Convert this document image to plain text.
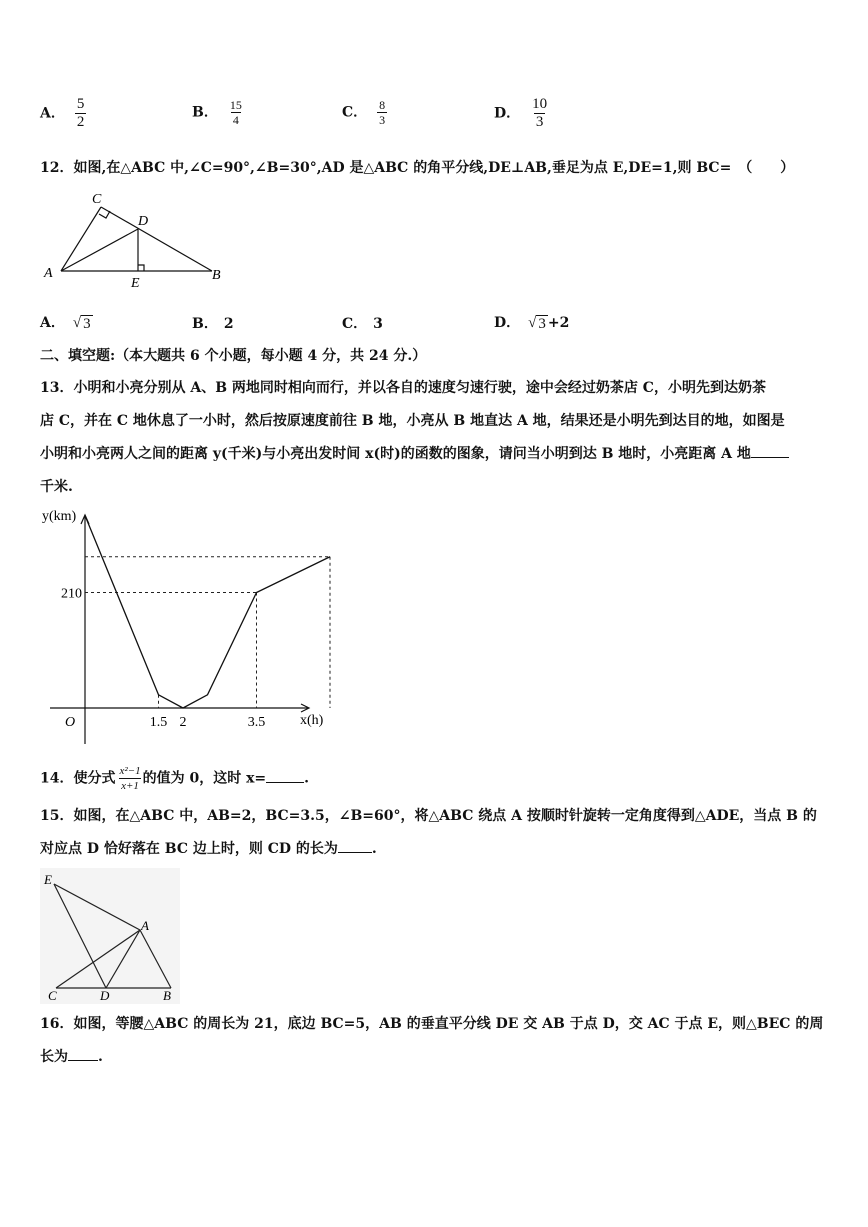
A． $\frac{5}{2}$	B． $\frac{15}{4}$	C． $\frac{8}{3}$	D． $\frac{10}{3}$
12．如图,在△ABC 中,∠C=90°,∠B=30°,AD 是△ABC 的角平分线,DE⊥AB,垂足为点 E,DE=1,则 BC=　（　　）
C
D
A	B
E
A． √ 3	B． 2	C． 3	D． √ 3 +2
二、填空题:（本大题共 6 个小题，每小题 4 分，共 24 分.）
13．小明和小亮分别从 A、B 两地同时相向而行，并以各自的速度匀速行驶，途中会经过奶茶店 C，小明先到达奶茶
店 C，并在 C 地休息了一小时，然后按原速度前往 B 地，小亮从 B 地直达 A 地，结果还是小明先到达目的地，如图是
小明和小亮两人之间的距离 y(千米)与小亮出发时间 x(时)的函数的图象，请问当小明到达 B 地时，小亮距离 A 地
千米.
y(km)
x(h)
O	1.5 2	3.5
210
14．使分式 $\frac{\text{x²−1}}{x+1}$ 的值为 0，这时 x=	.
15．如图，在△ABC 中，AB=2，BC=3.5，∠B=60°，将△ABC 绕点 A 按顺时针旋转一定角度得到△ADE，当点 B 的
对应点 D 恰好落在 BC 边上时，则 CD 的长为 .
E
A
C	D	B
16．如图，等腰△ABC 的周长为 21，底边 BC=5，AB 的垂直平分线 DE 交 AB 于点 D，交 AC 于点 E，则△BEC 的周
长为 .
